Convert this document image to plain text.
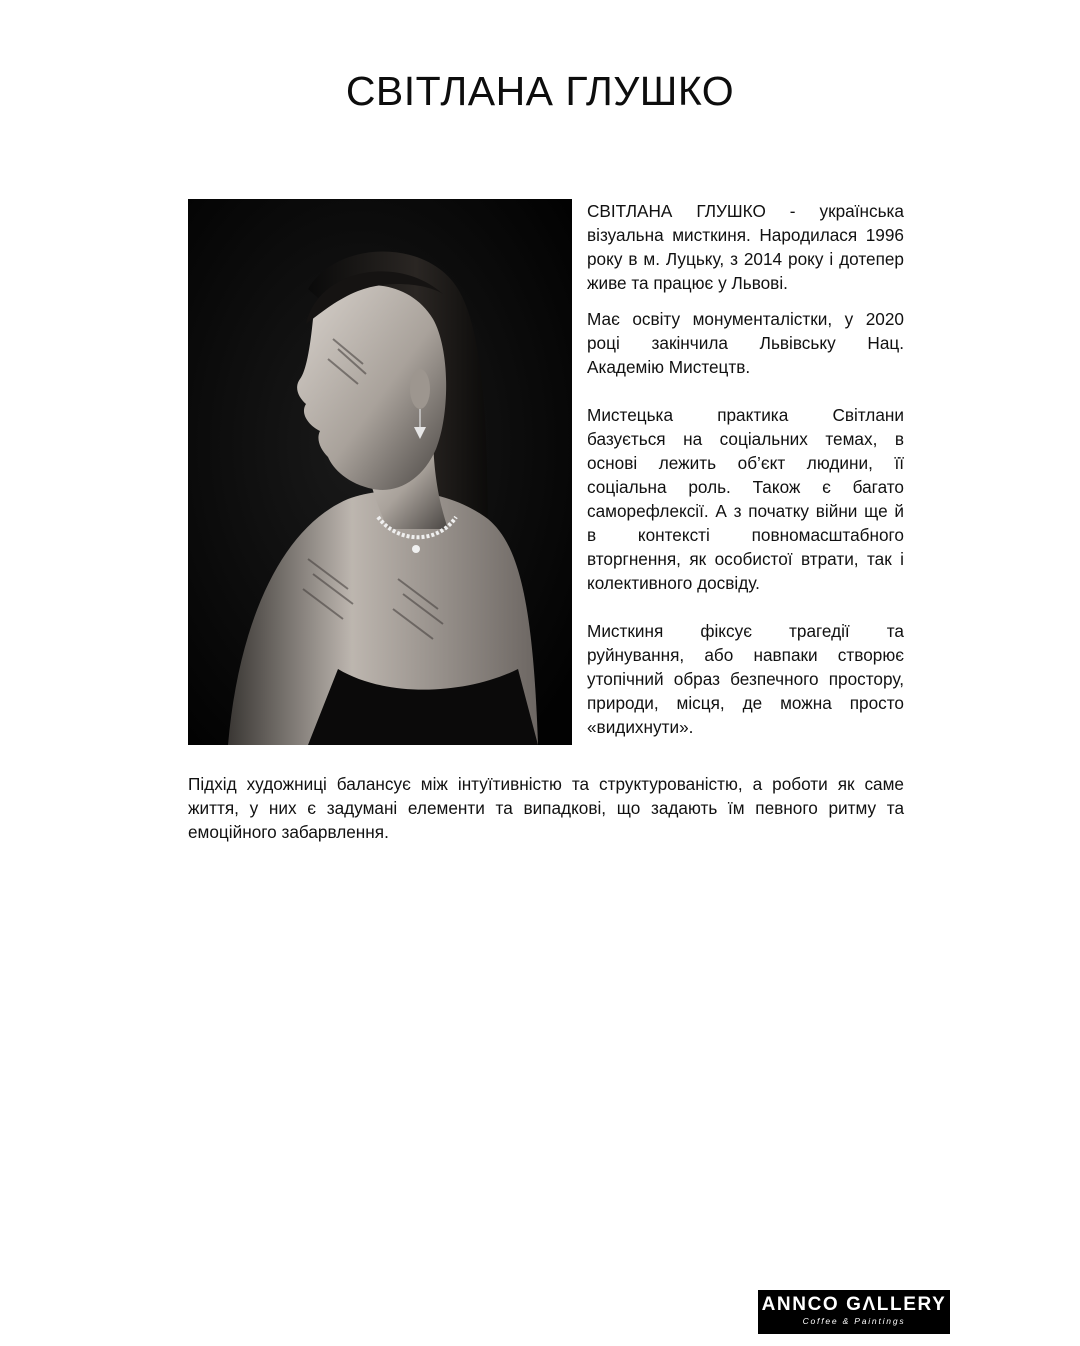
СВІТЛАНА ГЛУШКО

СВІТЛАНА ГЛУШКО - українська візуальна мисткиня. Народилася 1996 року в м. Луцьку, з 2014 року і дотепер живе та працює у Львові.

Має освіту монументалістки, у 2020 році закінчила Львівську Нац. Академію Мистецтв.

Мистецька практика Світлани базується на соціальних темах, в основі лежить об’єкт людини, її соціальна роль. Також є багато саморефлексії. А з початку війни ще й в контексті повномасштабного вторгнення, як особистої втрати, так і колективного досвіду.

Мисткиня фіксує трагедії та руйнування, або навпаки створює утопічний образ безпечного простору, природи, місця, де можна просто «видихнути».

Підхід художниці балансує між інтуїтивністю та структурованістю, а роботи як саме життя, у них є задумані елементи та випадкові, що задають їм певного ритму та емоційного забарвлення.

ANNCO GΛLLERY
Coffee & Paintings
